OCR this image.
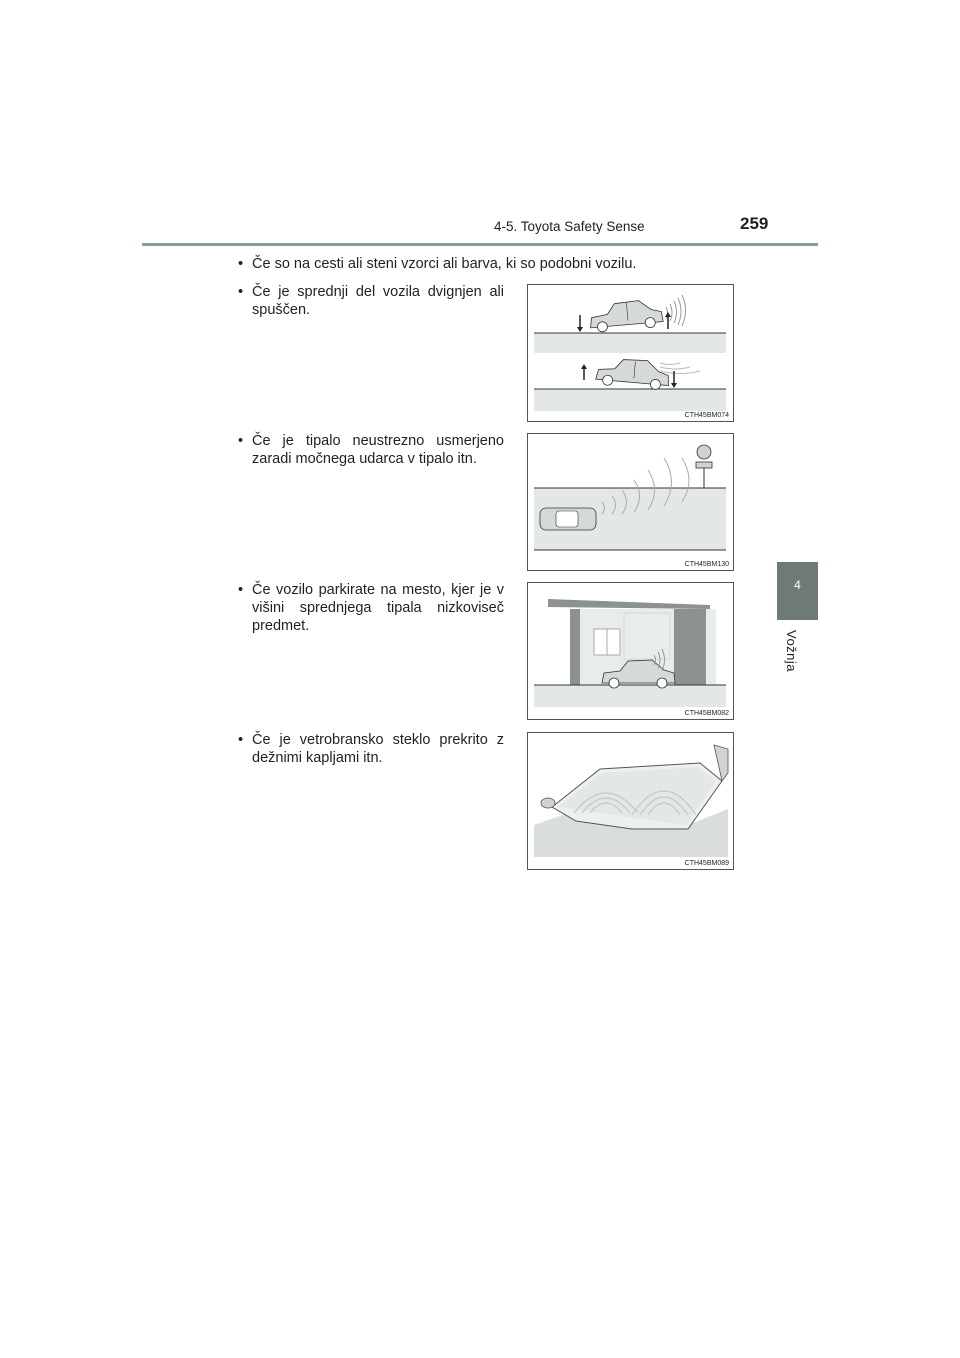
4-5. Toyota Safety Sense	259
4
Vožnja
• Če so na cesti ali steni vzorci ali barva, ki so podobni vozilu.
• Če je sprednji del vozila dvignjen ali spuščen.
• Če je tipalo neustrezno usmerjeno zaradi močnega udarca v tipalo itn.
• Če vozilo parkirate na mesto, kjer je v višini sprednjega tipala nizkoviseč predmet.
• Če je vetrobransko steklo prekrito z dežnimi kapljami itn.
CTH45BM074
CTH45BM130
CTH45BM082
CTH45BM089
